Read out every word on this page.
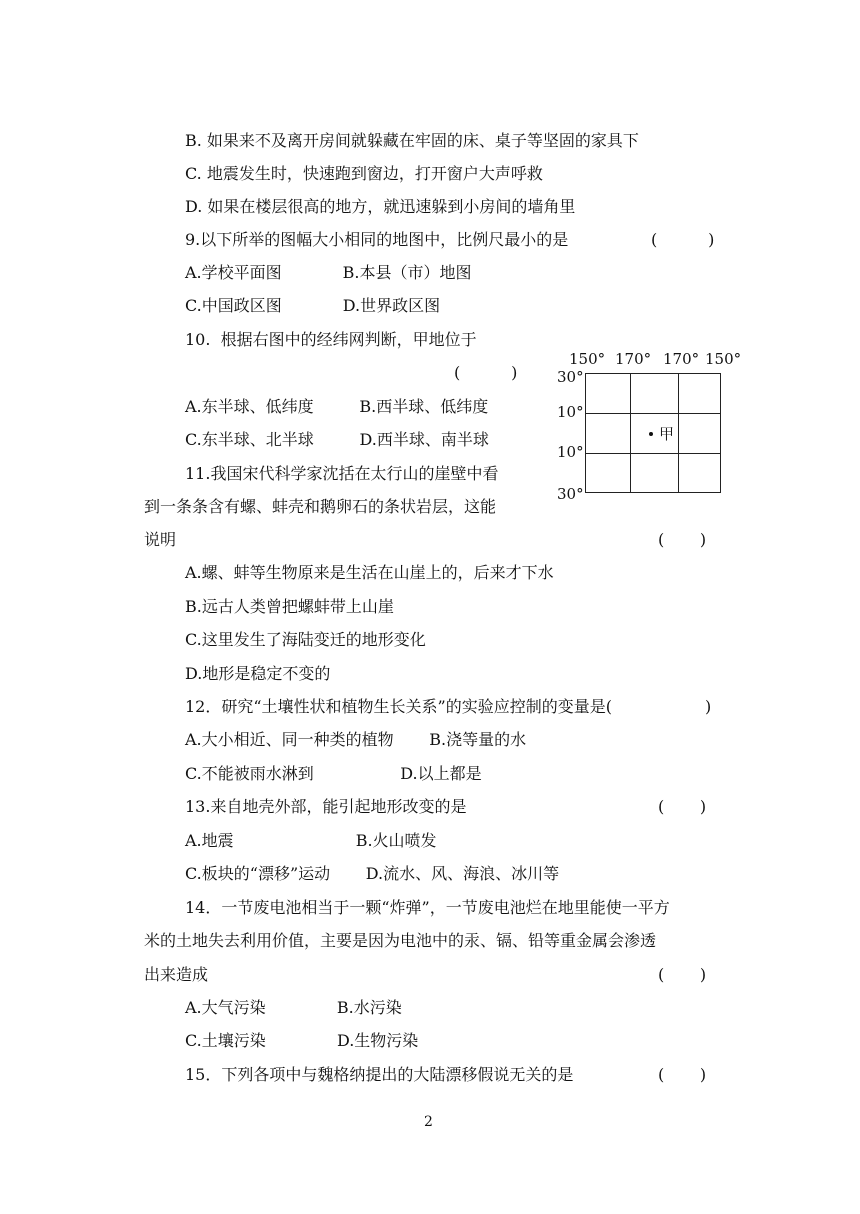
B. 如果来不及离开房间就躲藏在牢固的床、桌子等坚固的家具下
C. 地震发生时，快速跑到窗边，打开窗户大声呼救
D. 如果在楼层很高的地方，就迅速躲到小房间的墙角里
9.以下所举的图幅大小相同的地图中，比例尺最小的是	(          )
A.学校平面图            B.本县（市）地图
C.中国政区图            D.世界政区图
10.  根据右图中的经纬网判断，甲地位于
(          )
A.东半球、低纬度         B.西半球、低纬度
C.东半球、北半球         D.西半球、南半球
11.我国宋代科学家沈括在太行山的崖壁中看
到一条条含有螺、蚌壳和鹅卵石的条状岩层，这能
说明	(       )
A.螺、蚌等生物原来是生活在山崖上的，后来才下水
B.远古人类曾把螺蚌带上山崖
C.这里发生了海陆变迁的地形变化
D.地形是稳定不变的
12．研究“土壤性状和植物生长关系”的实验应控制的变量是(	)
A.大小相近、同一种类的植物       B.浇等量的水
C.不能被雨水淋到                 D.以上都是
13.来自地壳外部，能引起地形改变的是	(       )
A.地震                        B.火山喷发
C.板块的“漂移”运动       D.流水、风、海浪、冰川等
14．一节废电池相当于一颗“炸弹”，一节废电池烂在地里能使一平方
米的土地失去利用价值，主要是因为电池中的汞、镉、铅等重金属会渗透
出来造成	(       )
A.大气污染              B.水污染
C.土壤污染              D.生物污染
15．下列各项中与魏格纳提出的大陆漂移假说无关的是	(       )
150° 170° 170° 150°
30°
10°
10°
30°
甲
2
